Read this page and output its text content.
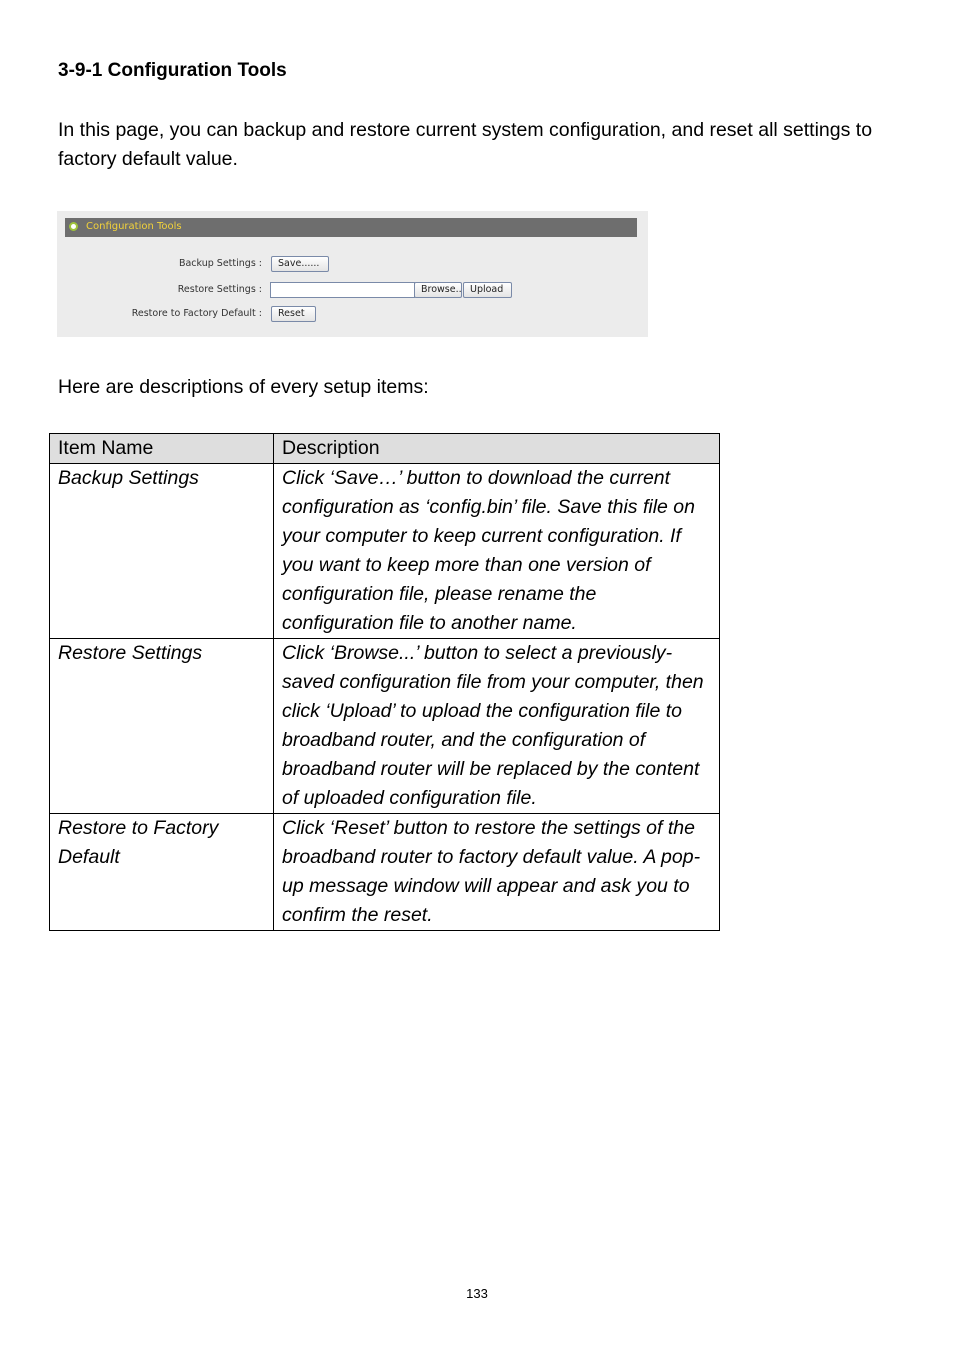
3-9-1 Configuration Tools

In this page, you can backup and restore current system configuration, and reset all settings to factory default value.

Configuration Tools
Backup Settings :	Save......
Restore Settings :	Browse.. Upload
Restore to Factory Default :	Reset

Here are descriptions of every setup items:

Item Name	Description
Backup Settings	Click ‘Save…’ button to download the current configuration as ‘config.bin’ file. Save this file on your computer to keep current configuration. If you want to keep more than one version of configuration file, please rename the configuration file to another name.
Restore Settings	Click ‘Browse...’ button to select a previously-saved configuration file from your computer, then click ‘Upload’ to upload the configuration file to broadband router, and the configuration of broadband router will be replaced by the content of uploaded configuration file.
Restore to Factory Default	Click ‘Reset’ button to restore the settings of the broadband router to factory default value. A pop-up message window will appear and ask you to confirm the reset.
133
